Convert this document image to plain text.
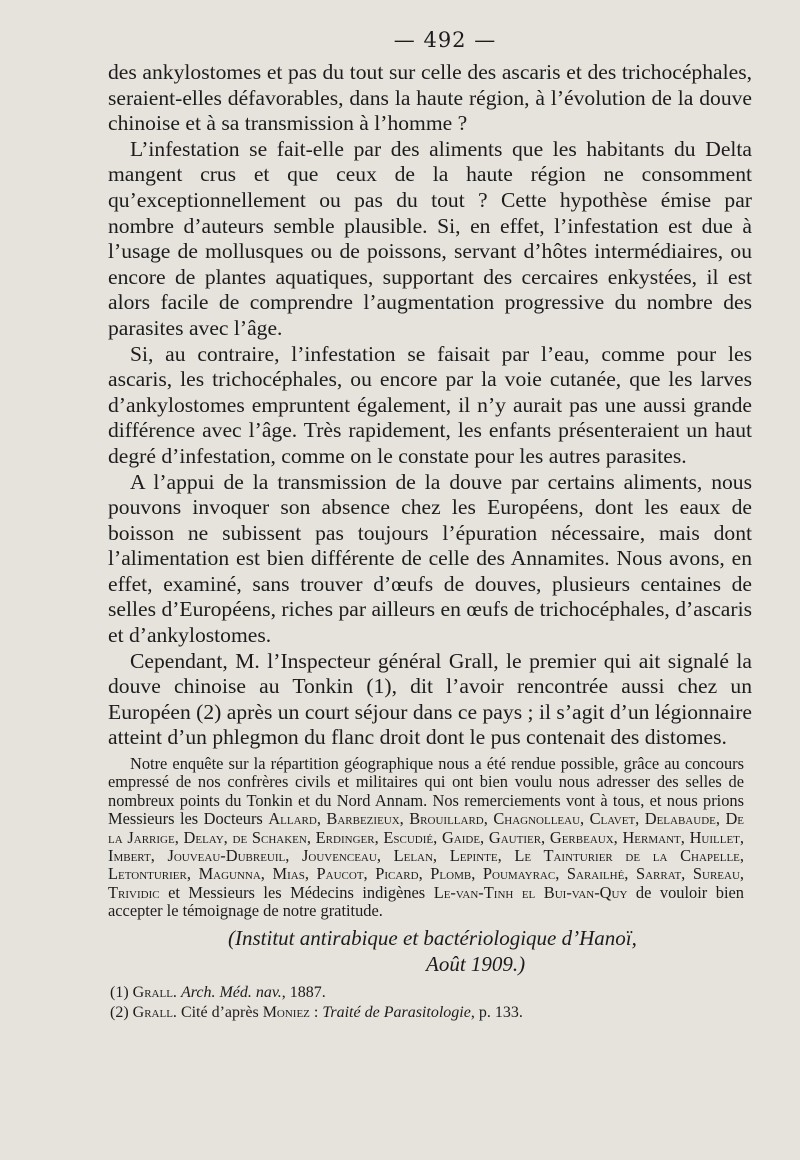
— 492 —

des ankylostomes et pas du tout sur celle des ascaris et des trichocéphales, seraient-elles défavorables, dans la haute région, à l’évolution de la douve chinoise et à sa transmission à l’homme ?

L’infestation se fait-elle par des aliments que les habitants du Delta mangent crus et que ceux de la haute région ne consomment qu’exceptionnellement ou pas du tout ? Cette hypothèse émise par nombre d’auteurs semble plausible. Si, en effet, l’infestation est due à l’usage de mollusques ou de poissons, servant d’hôtes intermédiaires, ou encore de plantes aquatiques, supportant des cercaires enkystées, il est alors facile de comprendre l’augmentation progressive du nombre des parasites avec l’âge.

Si, au contraire, l’infestation se faisait par l’eau, comme pour les ascaris, les trichocéphales, ou encore par la voie cutanée, que les larves d’ankylostomes empruntent également, il n’y aurait pas une aussi grande différence avec l’âge. Très rapidement, les enfants présenteraient un haut degré d’infestation, comme on le constate pour les autres parasites.

A l’appui de la transmission de la douve par certains aliments, nous pouvons invoquer son absence chez les Européens, dont les eaux de boisson ne subissent pas toujours l’épuration nécessaire, mais dont l’alimentation est bien différente de celle des Annamites. Nous avons, en effet, examiné, sans trouver d’œufs de douves, plusieurs centaines de selles d’Européens, riches par ailleurs en œufs de trichocéphales, d’ascaris et d’ankylostomes.

Cependant, M. l’Inspecteur général Grall, le premier qui ait signalé la douve chinoise au Tonkin (1), dit l’avoir rencontrée aussi chez un Européen (2) après un court séjour dans ce pays ; il s’agit d’un légionnaire atteint d’un phlegmon du flanc droit dont le pus contenait des distomes.

Notre enquête sur la répartition géographique nous a été rendue possible, grâce au concours empressé de nos confrères civils et militaires qui ont bien voulu nous adresser des selles de nombreux points du Tonkin et du Nord Annam. Nos remerciements vont à tous, et nous prions Messieurs les Docteurs Allard, Barbezieux, Brouillard, Chagnolleau, Clavet, Delabaude, De la Jarrige, Delay, de Schaken, Erdinger, Escudié, Gaide, Gautier, Gerbeaux, Hermant, Huillet, Imbert, Jouveau-Dubreuil, Jouvenceau, Lelan, Lepinte, Le Tainturier de la Chapelle, Letonturier, Magunna, Mias, Paucot, Picard, Plomb, Poumayrac, Sarailhé, Sarrat, Sureau, Trividic et Messieurs les Médecins indigènes Le-van-Tinh el Bui-van-Quy de vouloir bien accepter le témoignage de notre gratitude.
(Institut antirabique et bactériologique d’Hanoï,
Août 1909.)
(1) Grall. Arch. Méd. nav., 1887.
(2) Grall. Cité d’après Moniez : Traité de Parasitologie, p. 133.
